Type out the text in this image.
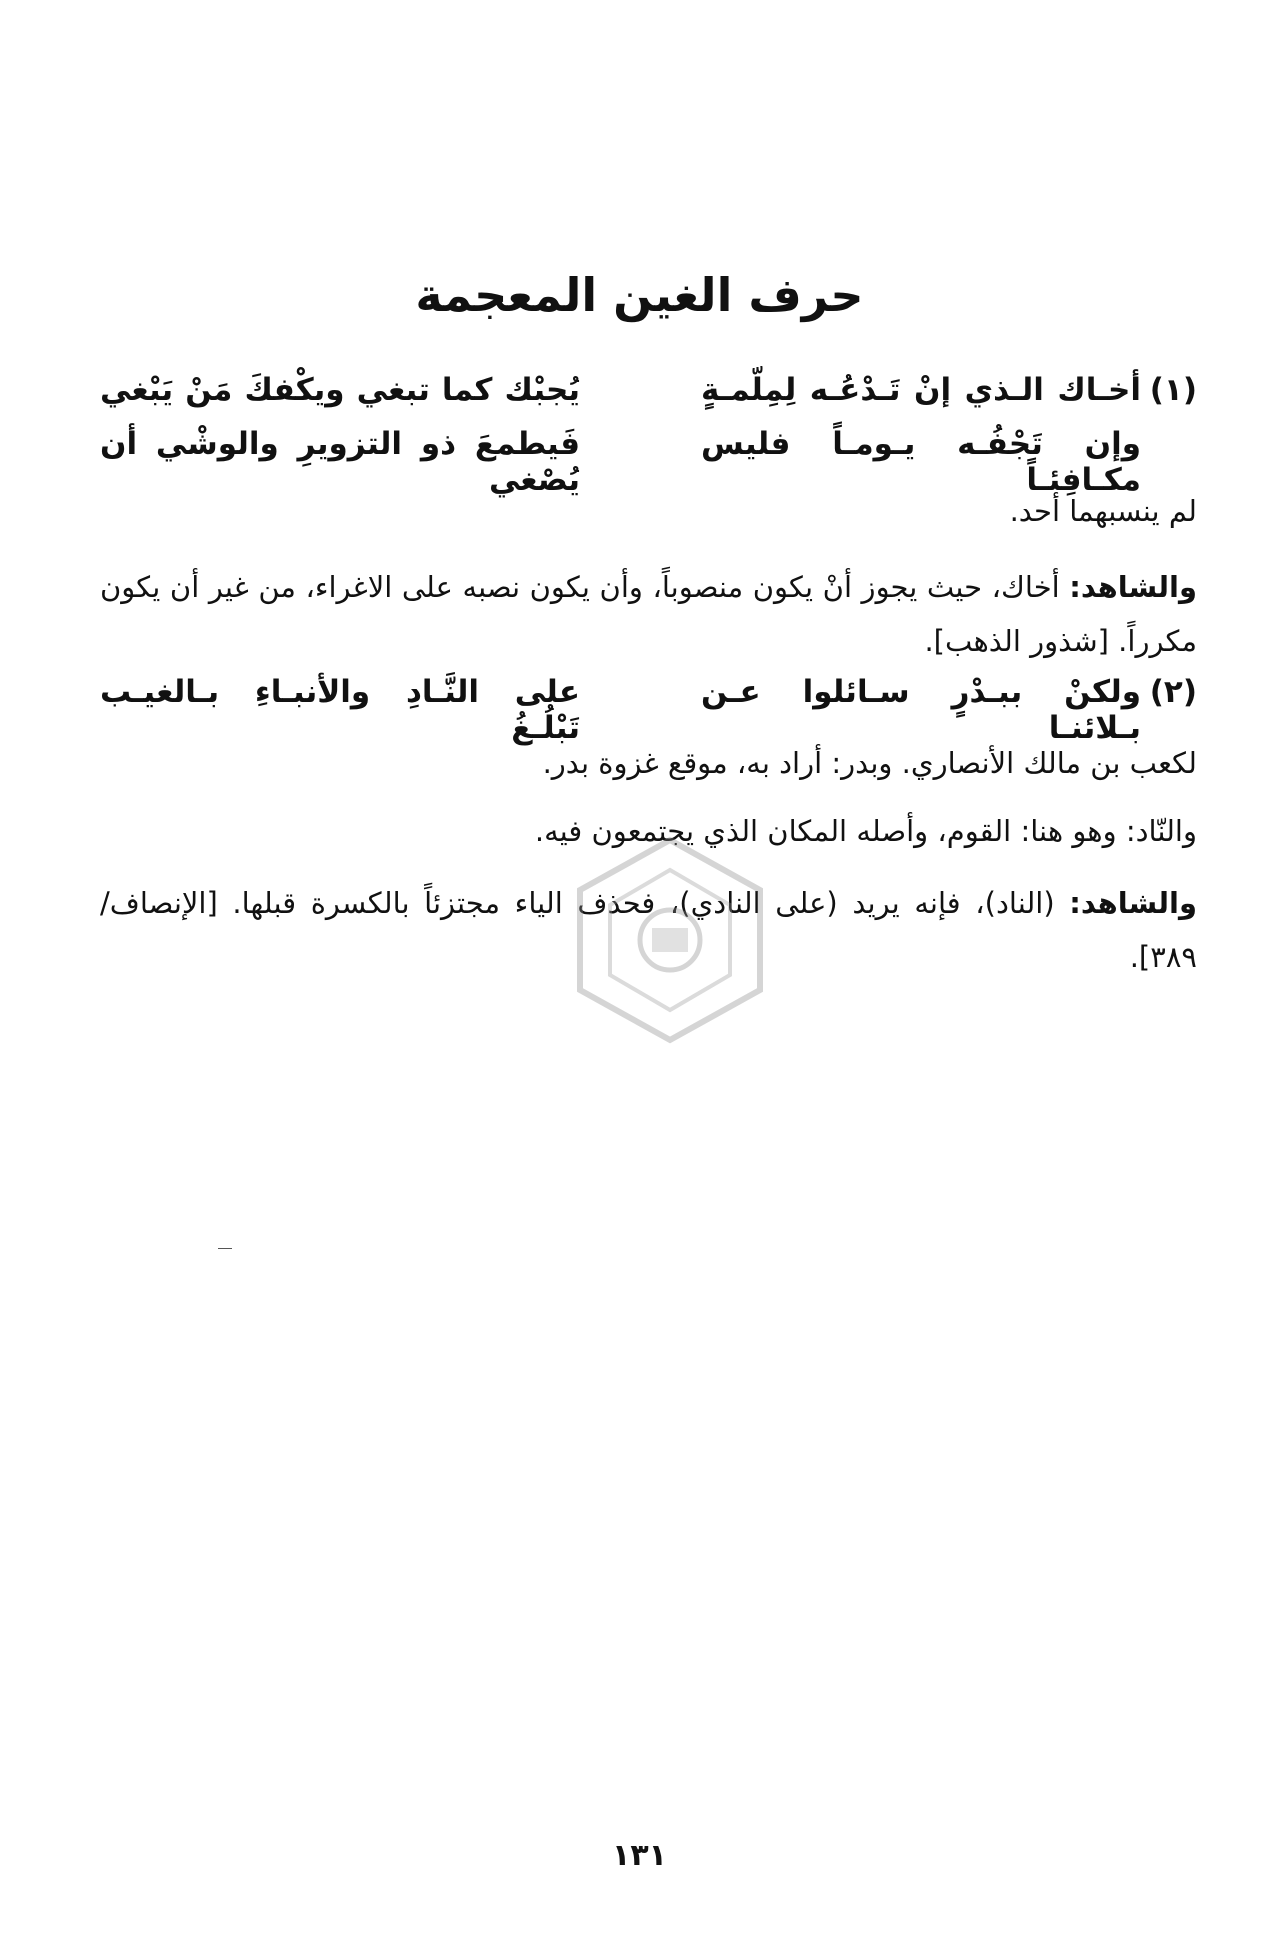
حرف الغين المعجمة
(١)
أخـاك الـذي إنْ تَـدْعُـه لِمِلّمـةٍ
يُجبْك كما تبغي ويكْفكَ مَنْ يَبْغي
وإن تَجْفُـه يـومـاً فليس مكـافِئـاً
فَيطمعَ ذو التزويرِ والوشْي أن يُصْغي
لم ينسبهما أحد.
والشاهد: أخاك، حيث يجوز أنْ يكون منصوباً، وأن يكون نصبه على الاغراء، من غير أن يكون مكرراً. [شذور الذهب].
(٢)
ولكنْ ببـدْرٍ سـائلوا عـن بـلائنـا
على النَّـادِ والأنبـاءِ بـالغيـب تَبْلُـغُ
لكعب بن مالك الأنصاري. وبدر: أراد به، موقع غزوة بدر.
والنّاد: وهو هنا: القوم، وأصله المكان الذي يجتمعون فيه.
والشاهد: (الناد)، فإنه يريد (على النادي)، فحذف الياء مجتزئاً بالكسرة قبلها. [الإنصاف/ ٣٨٩].
١٣١
